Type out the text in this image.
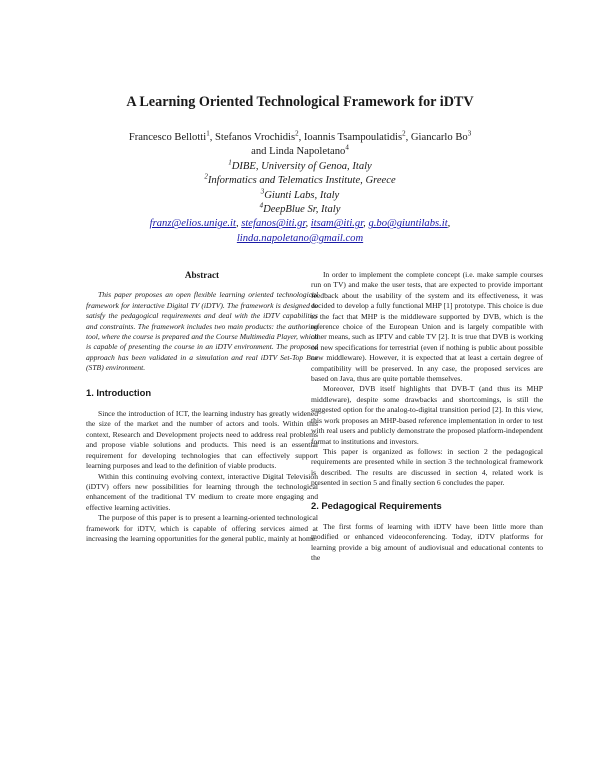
A Learning Oriented Technological Framework for iDTV
Francesco Bellotti$^1$, Stefanos Vrochidis$^2$, Ioannis Tsampoulatidis$^2$, Giancarlo Bo$^3$
and Linda Napoletano$^4$
$^1$DIBE, University of Genoa, Italy
$^2$Informatics and Telematics Institute, Greece
$^3$Giunti Labs, Italy
$^4$DeepBlue Sr, Italy
franz@elios.unige.it, stefanos@iti.gr, itsam@iti.gr, g.bo@giuntilabs.it,
linda.napoletano@gmail.com
Abstract

This paper proposes an open flexible learning oriented technological framework for interactive Digital TV (iDTV). The framework is designed to satisfy the pedagogical requirements and deal with the iDTV capabilities and constraints. The framework includes two main products: the authoring tool, where the course is prepared and the Course Multimedia Player, which is capable of presenting the course in an iDTV environment. The proposed approach has been validated in a simulation and real iDTV Set-Top Box (STB) environment.

1. Introduction

Since the introduction of ICT, the learning industry has greatly widened the size of the market and the number of actors and tools. Within this context, Research and Development projects need to address real problems and propose viable solutions and products. This need is an essential requirement for developing technologies that can effectively support learning purposes and lead to the definition of viable products.

Within this continuing evolving context, interactive Digital Television (iDTV) offers new possibilities for learning through the technological enhancement of the traditional TV medium to create more engaging and effective learning activities.

The purpose of this paper is to present a learning-oriented technological framework for iDTV, which is capable of offering services aimed at increasing the learning opportunities for the general public, mainly at home.

In order to implement the complete concept (i.e. make sample courses run on TV) and make the user tests, that are expected to provide important feedback about the usability of the system and its effectiveness, it was decided to develop a fully functional MHP [1] prototype. This choice is due to the fact that MHP is the middleware supported by DVB, which is the reference choice of the European Union and is largely compatible with other means, such as IPTV and cable TV [2]. It is true that DVB is working on new specifications for terrestrial (even if nothing is public about possible new middleware). However, it is expected that at least a certain degree of compatibility will be preserved. In any case, the proposed services are based on Java, thus are quite portable themselves.

Moreover, DVB itself highlights that DVB-T (and thus its MHP middleware), despite some drawbacks and shortcomings, is still the suggested option for the analog-to-digital transition period [2]. In this view, this work proposes an MHP-based reference implementation in order to test with real users and publicly demonstrate the proposed platform-independent format to institutions and investors.

This paper is organized as follows: in section 2 the pedagogical requirements are presented while in section 3 the technological framework is described. The results are discussed in section 4, related work is presented in section 5 and finally section 6 concludes the paper.

2. Pedagogical Requirements

The first forms of learning with iDTV have been little more than modified or enhanced videoconferencing. Today, iDTV platforms for learning provide a big amount of audiovisual and educational contents to the
